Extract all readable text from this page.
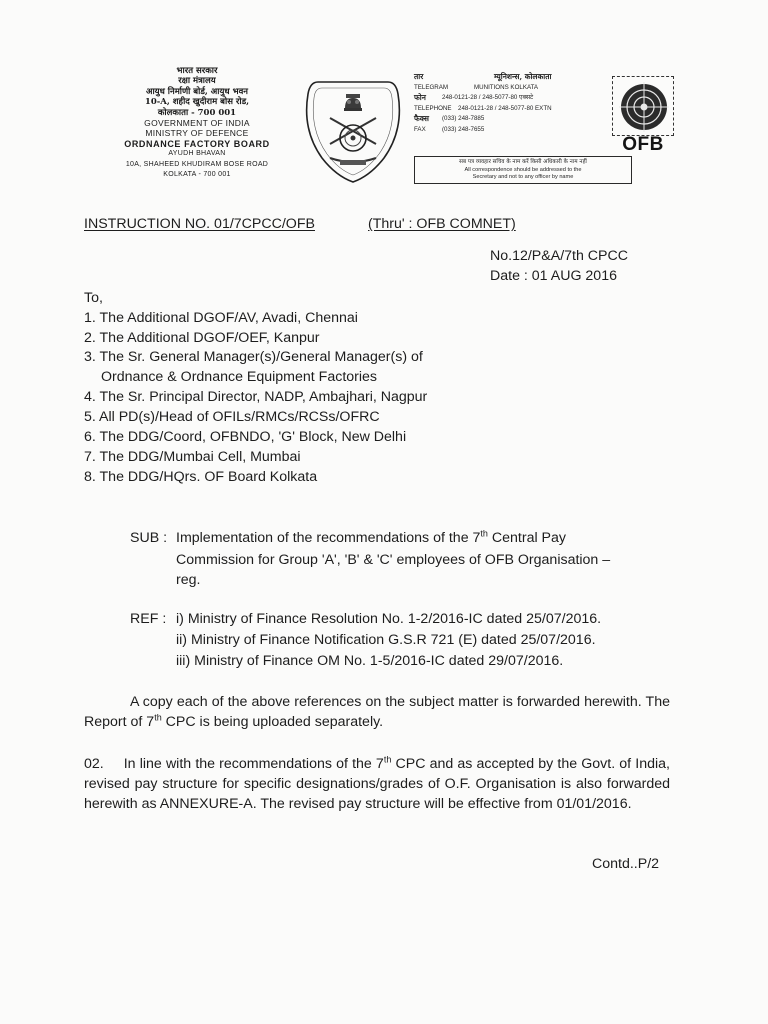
भारत सरकार
रक्षा मंत्रालय
आयुध निर्माणी बोर्ड, आयुध भवन
10-A, शहीद खुदीराम बोस रोड,
कोलकाता - 700 001
GOVERNMENT OF INDIA
MINISTRY OF DEFENCE
ORDNANCE FACTORY BOARD
AYUDH BHAVAN
10A, SHAHEED KHUDIRAM BOSE ROAD
KOLKATA - 700 001
तार	म्यूनिशन्स, कोलकाता
TELEGRAM	MUNITIONS KOLKATA
फोन	248-0121-28 / 248-5077-80 एक्सटे
TELEPHONE	248-0121-28 / 248-5077-80 EXTN
फैक्स	(033) 248-7885
FAX	(033) 248-7655
सब पत्र व्यवहार सचिव के नाम करें किसी अधिकारी के नाम नहीं
All correspondence should be addressed to the
Secretary and not to any officer by name
OFB
INSTRUCTION NO. 01/7CPCC/OFB	(Thru' : OFB COMNET)
No.12/P&A/7th CPCC
Date : 01 AUG 2016
To,
1. The Additional DGOF/AV, Avadi, Chennai
2. The Additional DGOF/OEF, Kanpur
3. The Sr. General Manager(s)/General Manager(s) of
Ordnance & Ordnance Equipment Factories
4. The Sr. Principal Director, NADP, Ambajhari, Nagpur
5. All PD(s)/Head of OFILs/RMCs/RCSs/OFRC
6. The DDG/Coord, OFBNDO, 'G' Block, New Delhi
7. The DDG/Mumbai Cell, Mumbai
8. The DDG/HQrs. OF Board Kolkata
SUB : Implementation of the recommendations of the 7th Central Pay
Commission for Group 'A', 'B' & 'C' employees of OFB Organisation –
reg.
REF : i) Ministry of Finance Resolution No. 1-2/2016-IC dated 25/07/2016.
ii) Ministry of Finance Notification G.S.R 721 (E) dated 25/07/2016.
iii) Ministry of Finance OM No. 1-5/2016-IC dated 29/07/2016.
A copy each of the above references on the subject matter is forwarded herewith. The Report of 7th CPC is being uploaded separately.
02. In line with the recommendations of the 7th CPC and as accepted by the Govt. of India, revised pay structure for specific designations/grades of O.F. Organisation is also forwarded herewith as ANNEXURE-A. The revised pay structure will be effective from 01/01/2016.
Contd..P/2
